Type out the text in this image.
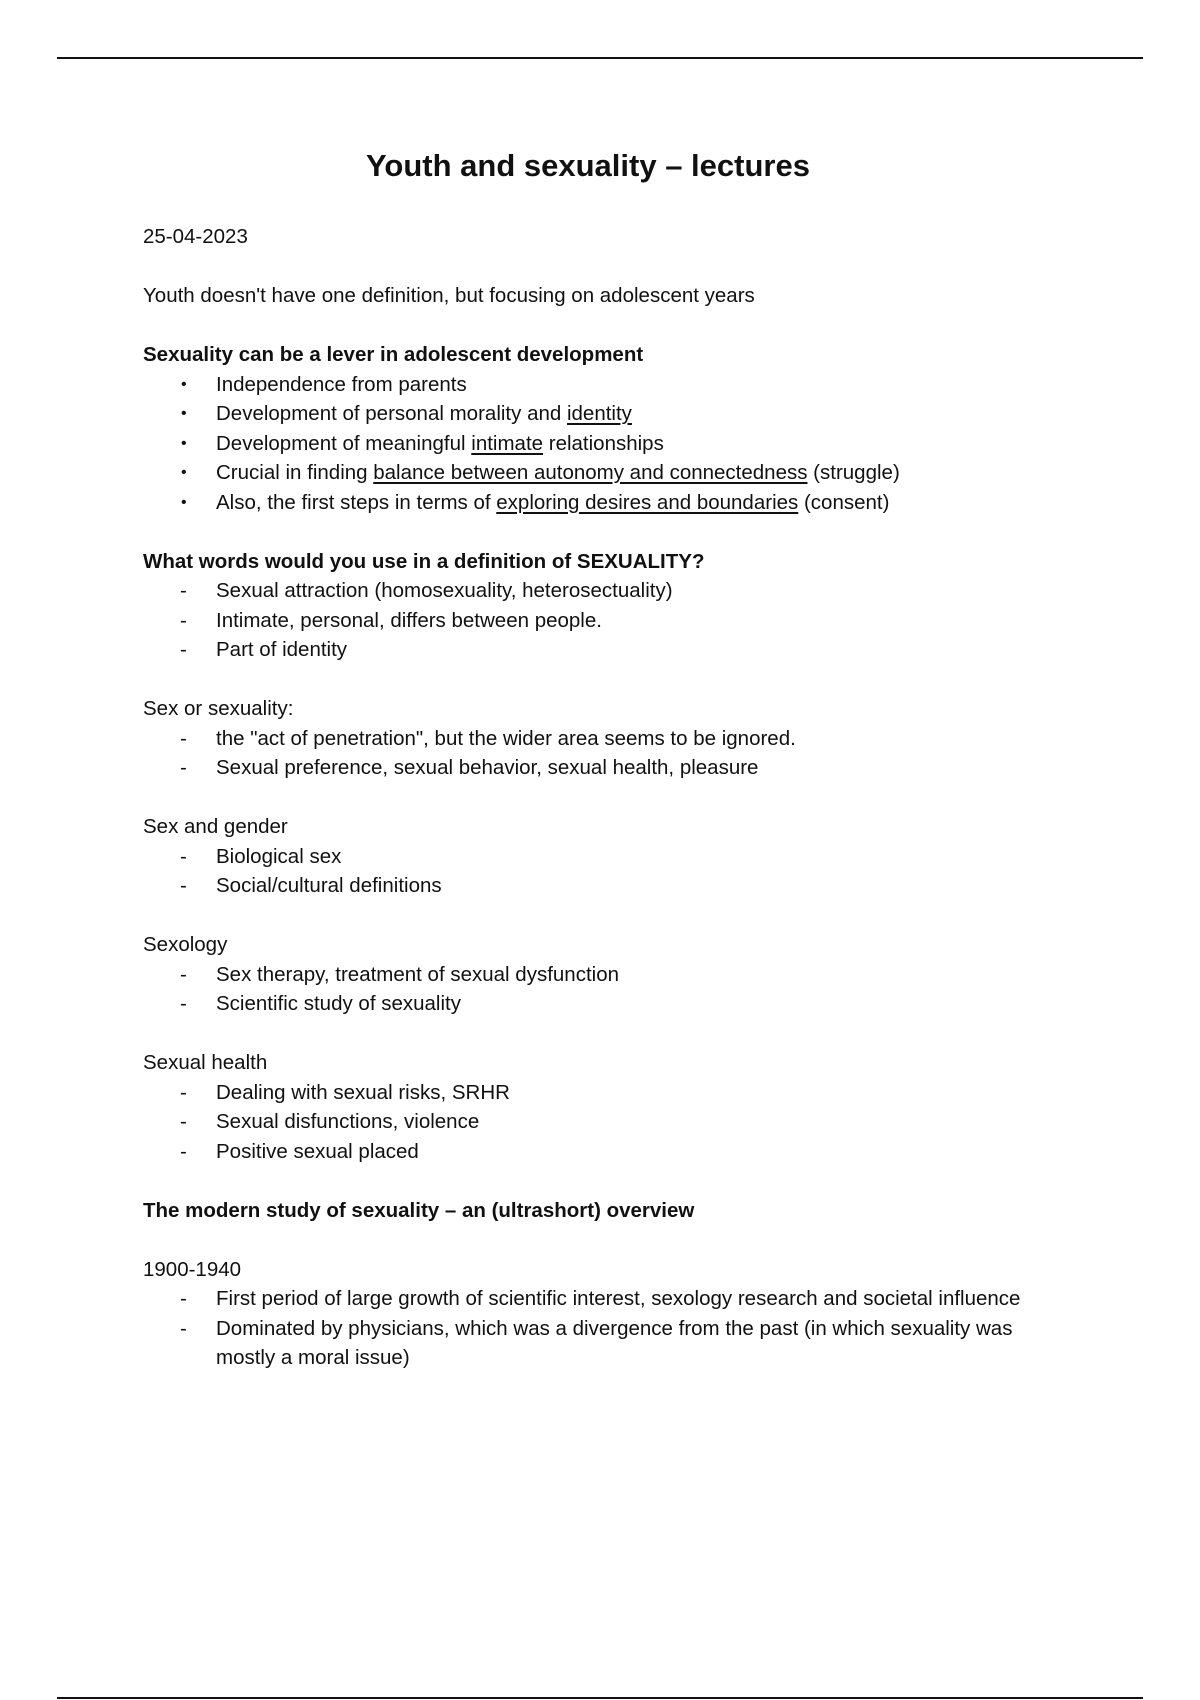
Youth and sexuality – lectures

25-04-2023

Youth doesn't have one definition, but focusing on adolescent years

Sexuality can be a lever in adolescent development

• Independence from parents
• Development of personal morality and identity
• Development of meaningful intimate relationships
• Crucial in finding balance between autonomy and connectedness (struggle)
• Also, the first steps in terms of exploring desires and boundaries (consent)

What words would you use in a definition of SEXUALITY?

- Sexual attraction (homosexuality, heterosectuality)
- Intimate, personal, differs between people.
- Part of identity

Sex or sexuality:

- the "act of penetration", but the wider area seems to be ignored.
- Sexual preference, sexual behavior, sexual health, pleasure

Sex and gender

- Biological sex
- Social/cultural definitions

Sexology

- Sex therapy, treatment of sexual dysfunction
- Scientific study of sexuality

Sexual health

- Dealing with sexual risks, SRHR
- Sexual disfunctions, violence
- Positive sexual placed

The modern study of sexuality – an (ultrashort) overview

1900-1940

- First period of large growth of scientific interest, sexology research and societal influence
- Dominated by physicians, which was a divergence from the past (in which sexuality was mostly a moral issue)
